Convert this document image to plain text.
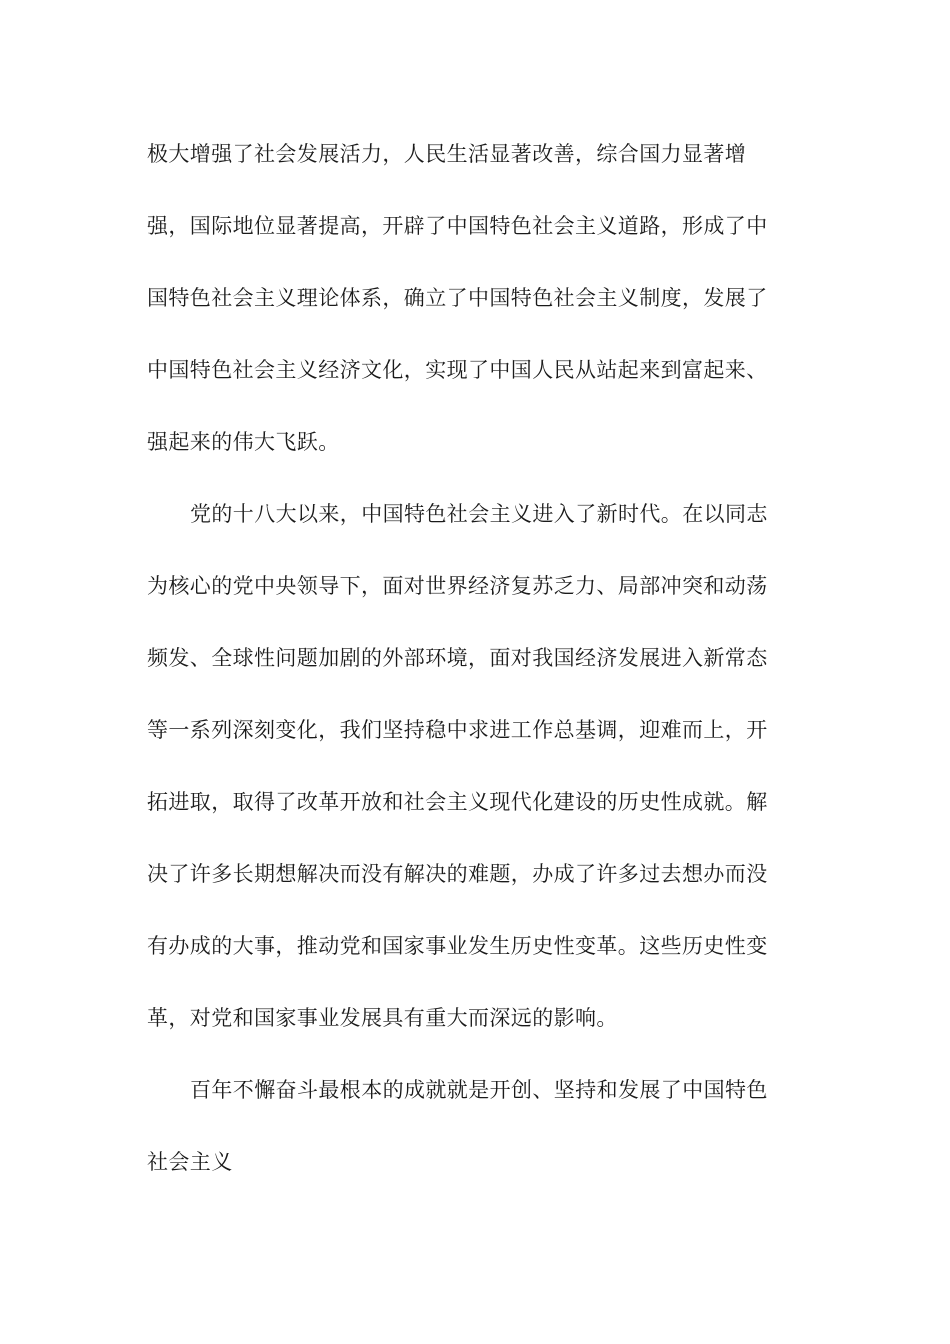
极大增强了社会发展活力，人民生活显著改善，综合国力显著增
强，国际地位显著提高，开辟了中国特色社会主义道路，形成了中
国特色社会主义理论体系，确立了中国特色社会主义制度，发展了
中国特色社会主义经济文化，实现了中国人民从站起来到富起来、
强起来的伟大飞跃。
党的十八大以来，中国特色社会主义进入了新时代。在以同志
为核心的党中央领导下，面对世界经济复苏乏力、局部冲突和动荡
频发、全球性问题加剧的外部环境，面对我国经济发展进入新常态
等一系列深刻变化，我们坚持稳中求进工作总基调，迎难而上，开
拓进取，取得了改革开放和社会主义现代化建设的历史性成就。解
决了许多长期想解决而没有解决的难题，办成了许多过去想办而没
有办成的大事，推动党和国家事业发生历史性变革。这些历史性变
革，对党和国家事业发展具有重大而深远的影响。
百年不懈奋斗最根本的成就就是开创、坚持和发展了中国特色
社会主义
